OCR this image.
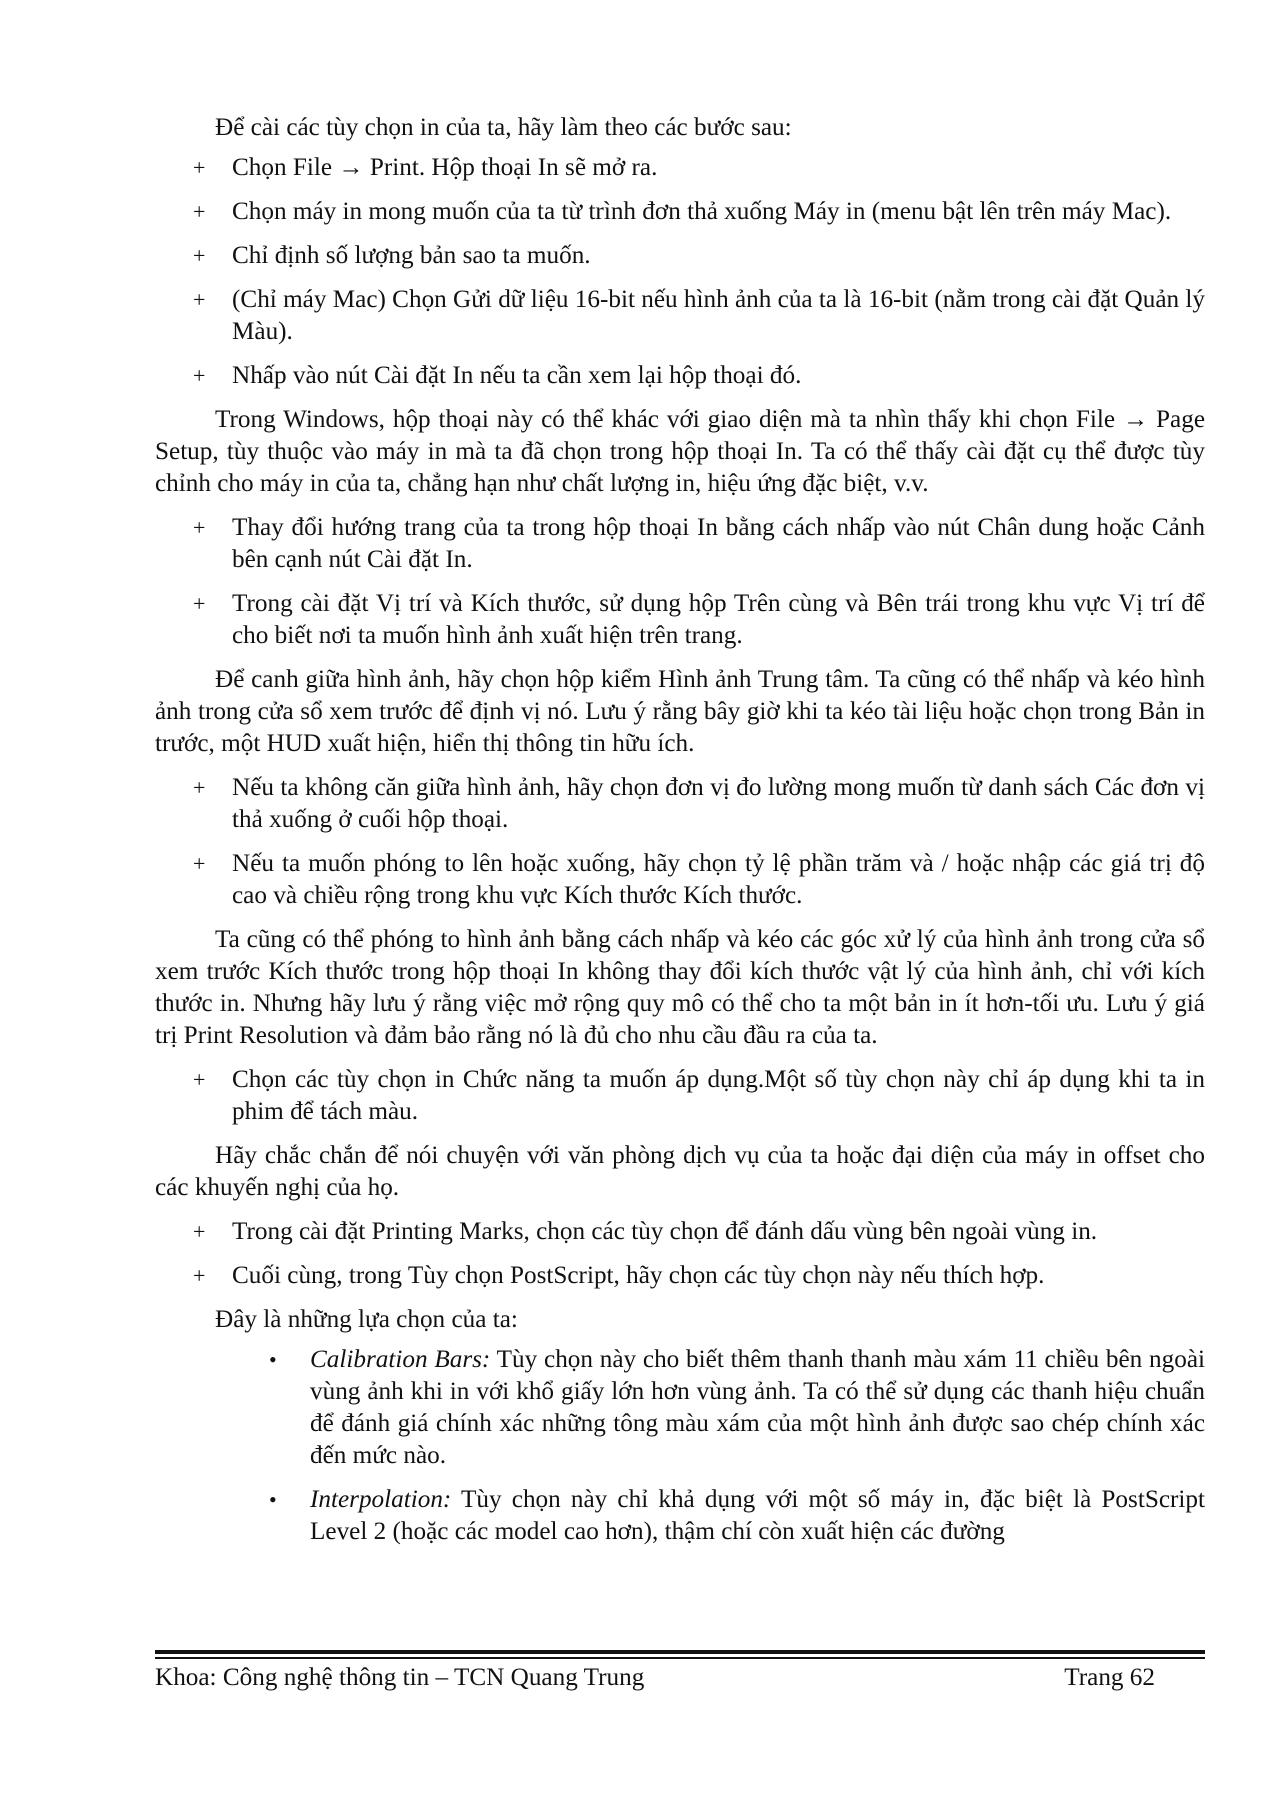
Để cài các tùy chọn in của ta, hãy làm theo các bước sau:

+ Chọn File → Print. Hộp thoại In sẽ mở ra.
+ Chọn máy in mong muốn của ta từ trình đơn thả xuống Máy in (menu bật lên trên máy Mac).
+ Chỉ định số lượng bản sao ta muốn.
+ (Chỉ máy Mac) Chọn Gửi dữ liệu 16-bit nếu hình ảnh của ta là 16-bit (nằm trong cài đặt Quản lý Màu).
+ Nhấp vào nút Cài đặt In nếu ta cần xem lại hộp thoại đó.

Trong Windows, hộp thoại này có thể khác với giao diện mà ta nhìn thấy khi chọn File → Page Setup, tùy thuộc vào máy in mà ta đã chọn trong hộp thoại In. Ta có thể thấy cài đặt cụ thể được tùy chỉnh cho máy in của ta, chẳng hạn như chất lượng in, hiệu ứng đặc biệt, v.v.

+ Thay đổi hướng trang của ta trong hộp thoại In bằng cách nhấp vào nút Chân dung hoặc Cảnh bên cạnh nút Cài đặt In.
+ Trong cài đặt Vị trí và Kích thước, sử dụng hộp Trên cùng và Bên trái trong khu vực Vị trí để cho biết nơi ta muốn hình ảnh xuất hiện trên trang.

Để canh giữa hình ảnh, hãy chọn hộp kiểm Hình ảnh Trung tâm. Ta cũng có thể nhấp và kéo hình ảnh trong cửa sổ xem trước để định vị nó. Lưu ý rằng bây giờ khi ta kéo tài liệu hoặc chọn trong Bản in trước, một HUD xuất hiện, hiển thị thông tin hữu ích.

+ Nếu ta không căn giữa hình ảnh, hãy chọn đơn vị đo lường mong muốn từ danh sách Các đơn vị thả xuống ở cuối hộp thoại.
+ Nếu ta muốn phóng to lên hoặc xuống, hãy chọn tỷ lệ phần trăm và / hoặc nhập các giá trị độ cao và chiều rộng trong khu vực Kích thước Kích thước.

Ta cũng có thể phóng to hình ảnh bằng cách nhấp và kéo các góc xử lý của hình ảnh trong cửa sổ xem trước Kích thước trong hộp thoại In không thay đổi kích thước vật lý của hình ảnh, chỉ với kích thước in. Nhưng hãy lưu ý rằng việc mở rộng quy mô có thể cho ta một bản in ít hơn-tối ưu. Lưu ý giá trị Print Resolution và đảm bảo rằng nó là đủ cho nhu cầu đầu ra của ta.

+ Chọn các tùy chọn in Chức năng ta muốn áp dụng.Một số tùy chọn này chỉ áp dụng khi ta in phim để tách màu.

Hãy chắc chắn để nói chuyện với văn phòng dịch vụ của ta hoặc đại diện của máy in offset cho các khuyến nghị của họ.

+ Trong cài đặt Printing Marks, chọn các tùy chọn để đánh dấu vùng bên ngoài vùng in.
+ Cuối cùng, trong Tùy chọn PostScript, hãy chọn các tùy chọn này nếu thích hợp.

Đây là những lựa chọn của ta:

• Calibration Bars: Tùy chọn này cho biết thêm thanh thanh màu xám 11 chiều bên ngoài vùng ảnh khi in với khổ giấy lớn hơn vùng ảnh. Ta có thể sử dụng các thanh hiệu chuẩn để đánh giá chính xác những tông màu xám của một hình ảnh được sao chép chính xác đến mức nào.
• Interpolation: Tùy chọn này chỉ khả dụng với một số máy in, đặc biệt là PostScript Level 2 (hoặc các model cao hơn), thậm chí còn xuất hiện các đường
Khoa: Công nghệ thông tin – TCN Quang Trung	Trang 62
